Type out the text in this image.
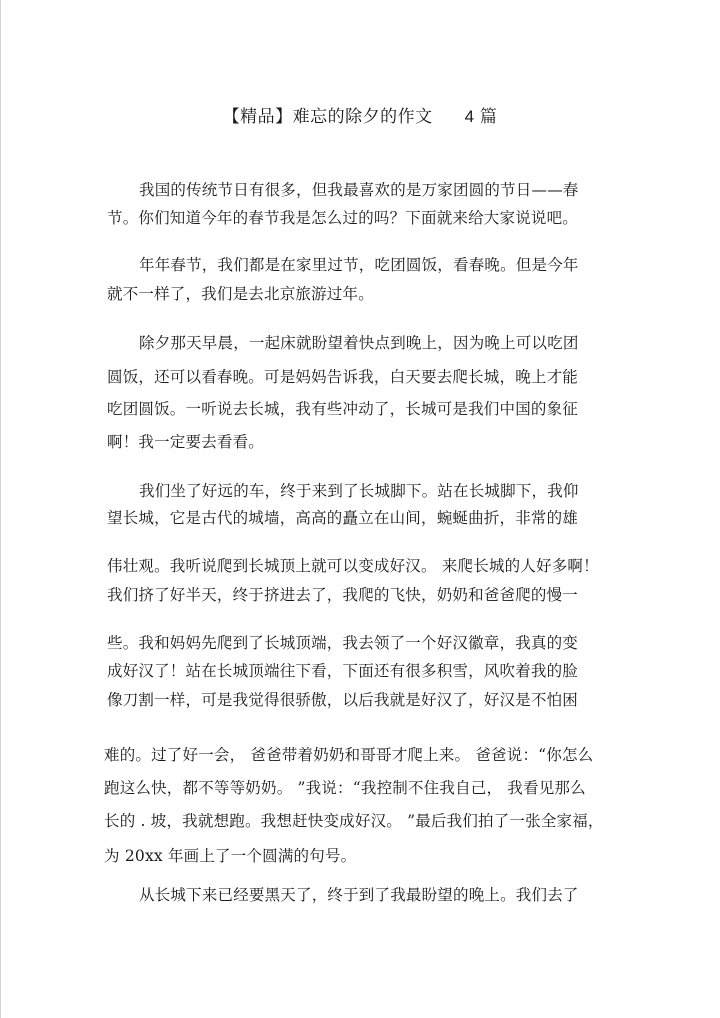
【精品】难忘的除夕的作文 4 篇
我国的传统节日有很多，但我最喜欢的是万家团圆的节日——春
节。你们知道今年的春节我是怎么过的吗？下面就来给大家说说吧。
年年春节，我们都是在家里过节，吃团圆饭，看春晚。但是今年
就不一样了，我们是去北京旅游过年。
除夕那天早晨，一起床就盼望着快点到晚上，因为晚上可以吃团
圆饭，还可以看春晚。可是妈妈告诉我，白天要去爬长城，晚上才能
吃团圆饭。一听说去长城，我有些冲动了，长城可是我们中国的象征
啊！我一定要去看看。
我们坐了好远的车，终于来到了长城脚下。站在长城脚下，我仰
望长城，它是古代的城墙，高高的矗立在山间，蜿蜒曲折，非常的雄
伟壮观。我听说爬到长城顶上就可以变成好汉。 来爬长城的人好多啊！
我们挤了好半天，终于挤进去了，我爬的飞快，奶奶和爸爸爬的慢一
些。我和妈妈先爬到了长城顶端，我去领了一个好汉徽章，我真的变
成好汉了！站在长城顶端往下看，下面还有很多积雪，风吹着我的脸
像刀割一样，可是我觉得很骄傲，以后我就是好汉了，好汉是不怕困
难的。过了好一会， 爸爸带着奶奶和哥哥才爬上来。 爸爸说：“你怎么
跑这么快，都不等等奶奶。 ”我说：“我控制不住我自己， 我看见那么
长的 . 坡，我就想跑。我想赶快变成好汉。 ”最后我们拍了一张全家福，
为 20xx 年画上了一个圆满的句号。
从长城下来已经要黑天了，终于到了我最盼望的晚上。我们去了
